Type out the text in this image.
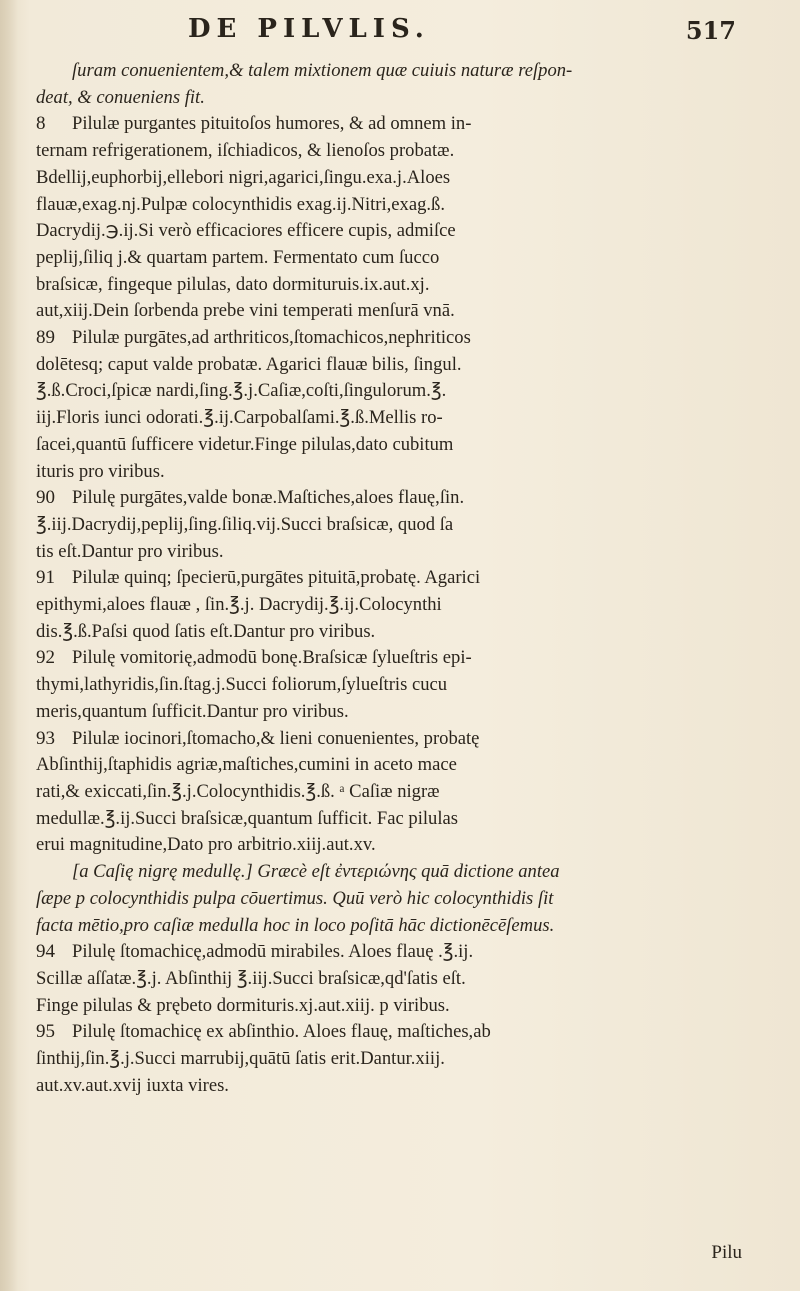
DE PILVLIS.	517
ſuram conuenientem,& talem mixtionem quæ cuiuis naturæ reſpon-
deat, & conueniens fit.
8 Pilulæ purgantes pituitoſos humores, & ad omnem in-
ternam refrigerationem, iſchiadicos, & lienoſos probatæ.
Bdellij,euphorbij,ellebori nigri,agarici,ſingu.exa.j.Aloes
flauæ,exag.nj.Pulpæ colocynthidis exag.ij.Nitri,exag.ß.
Dacrydij.℈.ij.Si verò efficaciores efficere cupis, admiſce
peplij,ſiliq j.& quartam partem. Fermentato cum ſucco
braſsicæ, fingeque pilulas, dato dormituruis.ix.aut.xj.
aut,xiij.Dein ſorbenda prebe vini temperati menſurā vnā.
89 Pilulæ purgātes,ad arthriticos,ſtomachicos,nephriticos
dolētesq; caput valde probatæ. Agarici flauæ bilis, ſingul.
℥.ß.Croci,ſpicæ nardi,ſing.℥.j.Caſiæ,coſti,ſingulorum.℥.
iij.Floris iunci odorati.℥.ij.Carpobalſami.℥.ß.Mellis ro-
ſacei,quantū ſufficere videtur.Finge pilulas,dato cubitum
ituris pro viribus.
90 Pilulę purgātes,valde bonæ.Maſtiches,aloes flauę,ſin.
℥.iij.Dacrydij,peplij,ſing.ſiliq.vij.Succi braſsicæ, quod ſa
tis eſt.Dantur pro viribus.
91 Pilulæ quinq; ſpecierū,purgātes pituitā,probatę. Agarici
epithymi,aloes flauæ , ſin.℥.j. Dacrydij.℥.ij.Colocynthi
dis.℥.ß.Paſsi quod ſatis eſt.Dantur pro viribus.
92 Pilulę vomitorię,admodū bonę.Braſsicæ ſylueſtris epi-
thymi,lathyridis,ſin.ſtag.j.Succi foliorum,ſylueſtris cucu
meris,quantum ſufficit.Dantur pro viribus.
93 Pilulæ iocinori,ſtomacho,& lieni conuenientes, probatę
Abſinthij,ſtaphidis agriæ,maſtiches,cumini in aceto mace
rati,& exiccati,ſin.℥.j.Colocynthidis.℥.ß. ᵃ Caſiæ nigræ
medullæ.℥.ij.Succi braſsicæ,quantum ſufficit. Fac pilulas
erui magnitudine,Dato pro arbitrio.xiij.aut.xv.
[a Caſię nigrę medullę.] Græcè eſt ἐντεριώνης quā dictione antea
ſæpe p colocynthidis pulpa cōuertimus. Quū verò hic colocynthidis ſit
facta mētio,pro caſiæ medulla hoc in loco poſitā hāc dictionēcēſemus.
94 Pilulę ſtomachicę,admodū mirabiles. Aloes flauę .℥.ij.
Scillæ aſſatæ.℥.j. Abſinthij ℥.iij.Succi braſsicæ,qd'ſatis eſt.
Finge pilulas & prębeto dormituris.xj.aut.xiij. p viribus.
95 Pilulę ſtomachicę ex abſinthio. Aloes flauę, maſtiches,ab
ſinthij,ſin.℥.j.Succi marrubij,quātū ſatis erit.Dantur.xiij.
aut.xv.aut.xvij iuxta vires.
Pilu
